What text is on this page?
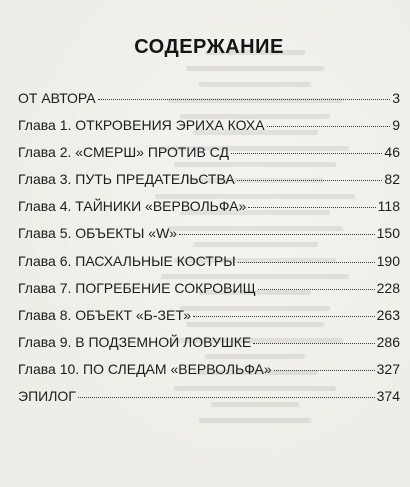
СОДЕРЖАНИЕ
ОТ АВТОРА	3
Глава 1. ОТКРОВЕНИЯ ЭРИХА КОХА	9
Глава 2. «СМЕРШ» ПРОТИВ СД	46
Глава 3. ПУТЬ ПРЕДАТЕЛЬСТВА	82
Глава 4. ТАЙНИКИ «ВЕРВОЛЬФА»	118
Глава 5. ОБЪЕКТЫ «W»	150
Глава 6. ПАСХАЛЬНЫЕ КОСТРЫ	190
Глава 7. ПОГРЕБЕНИЕ СОКРОВИЩ	228
Глава 8. ОБЪЕКТ «Б-ЗЕТ»	263
Глава 9. В ПОДЗЕМНОЙ ЛОВУШКЕ	286
Глава 10. ПО СЛЕДАМ «ВЕРВОЛЬФА»	327
ЭПИЛОГ	374
